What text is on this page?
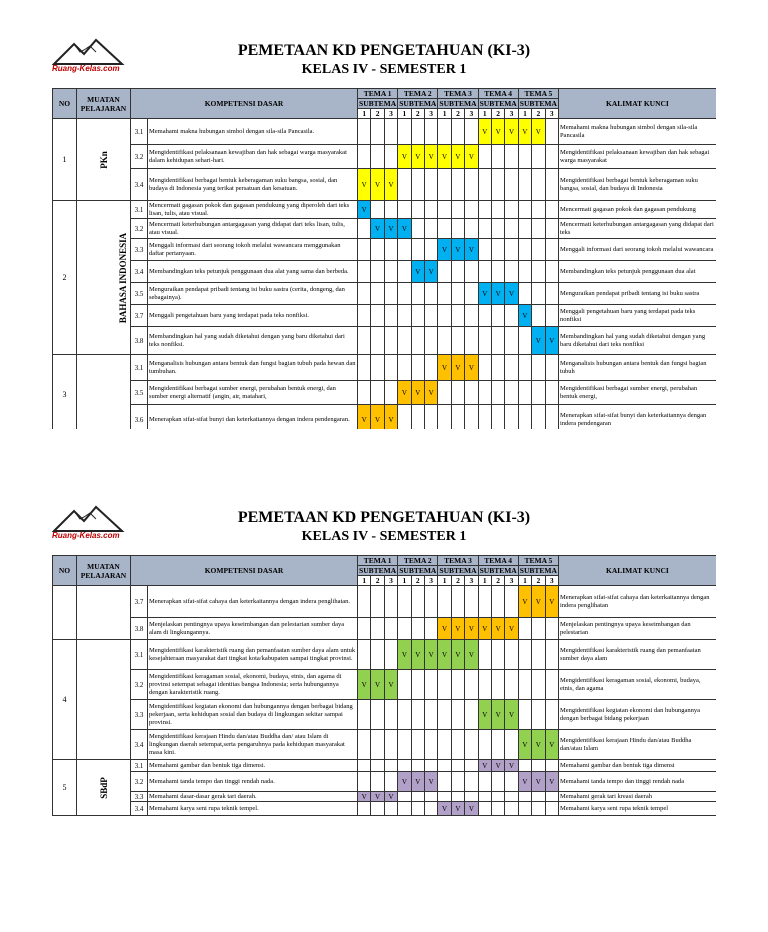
Ruang-Kelas.com
PEMETAAN KD PENGETAHUAN (KI-3)
KELAS IV - SEMESTER 1
NO	MUATAN PELAJARAN	KOMPETENSI DASAR		TEMA 1			TEMA 2			TEMA 3			TEMA 4			TEMA 5			KALIMAT KUNCI
				SUBTEMA			SUBTEMA			SUBTEMA			SUBTEMA			SUBTEMA			
				1	2	3	1	2	3	1	2	3	1	2	3	1	2	3	
1	PKn	3.1	Memahami makna hubungan simbol dengan sila-sila Pancasila.										V	V	V	V	V		Memahami makna hubungan simbol dengan sila-sila Pancasila
		3.2	Mengidentifikasi pelaksanaan kewajiban dan hak sebagai warga masyarakat dalam kehidupan sehari-hari.				V	V	V	V	V	V							Mengidentifikasi pelaksanaan kewajiban dan hak sebagai warga masyarakat
		3.4	Mengidentifikasi berbagai bentuk keberagaman suku bangsa, sosial, dan budaya di Indonesia yang terikat persatuan dan kesatuan.	V	V	V													Mengidentifikasi berbagai bentuk keberagaman suku bangsa, sosial, dan budaya di Indonesia
2	BAHASA INDONESIA	3.1	Mencermati gagasan pokok dan gagasan pendukung yang diperoleh dari teks lisan, tulis, atau visual.	V															Mencermati gagasan pokok dan gagasan pendukung
		3.2	Mencermati keterhubungan antargagasan yang didapat dari teks lisan, tulis, atau visual.		V	V	V												Mencermati keterhubungan antargagasan yang didapat dari teks
		3.3	Menggali informasi dari seorang tokoh melalui wawancara menggunakan daftar pertanyaan.							V	V	V							Menggali informasi dari seorang tokoh melalui wawancara
		3.4	Membandingkan teks petunjuk penggunaan dua alat yang sama dan berbeda.					V	V										Membandingkan teks petunjuk penggunaan dua alat
		3.5	Menguraikan pendapat pribadi tentang isi buku sastra (cerita, dongeng, dan sebagainya).										V	V	V				Menguraikan pendapat pribadi tentang isi buku sastra
		3.7	Menggali pengetahuan baru yang terdapat pada teks nonfiksi.													V			Menggali pengetahuan baru yang terdapat pada teks nonfiksi
		3.8	Membandingkan hal yang sudah diketahui dengan yang baru diketahui dari teks nonfiksi.														V	V	Membandingkan hal yang sudah diketahui dengan yang baru diketahui dari teks nonfiksi
3		3.1	Menganalisis hubungan antara bentuk dan fungsi bagian tubuh pada hewan dan tumbuhan.							V	V	V							Menganalisis hubungan antara bentuk dan fungsi bagian tubuh
		3.5	Mengidentifikasi berbagai sumber energi, perubahan bentuk energi, dan sumber energi alternatif (angin, air, matahari,				V	V	V										Mengidentifikasi berbagai sumber energi, perubahan bentuk energi,
		3.6	Menerapkan sifat-sifat bunyi dan keterkaitannya dengan indera pendengaran.	V	V	V													Menerapkan sifat-sifat bunyi dan keterkaitannya dengan indera pendengaran
Ruang-Kelas.com
PEMETAAN KD PENGETAHUAN (KI-3)
KELAS IV - SEMESTER 1
NO	MUATAN PELAJARAN	KOMPETENSI DASAR		TEMA 1			TEMA 2			TEMA 3			TEMA 4			TEMA 5			KALIMAT KUNCI
				SUBTEMA			SUBTEMA			SUBTEMA			SUBTEMA			SUBTEMA			
				1	2	3	1	2	3	1	2	3	1	2	3	1	2	3	
		3.7	Menerapkan sifat-sifat cahaya dan keterkaitannya dengan indera penglihatan.													V	V	V	Menerapkan sifat-sifat cahaya dan keterkaitannya dengan indera penglihatan
		3.8	Menjelaskan pentingnya upaya keseimbangan dan pelestarian sumber daya alam di lingkungannya.							V	V	V	V	V	V				Menjelaskan pentingnya upaya keseimbangan dan pelestarian
4		3.1	Mengidentifikasi karakteristik ruang dan pemanfaatan sumber daya alam untuk kesejahteraan masyarakat dari tingkat kota/kabupaten sampai tingkat provinsi.				V	V	V	V	V	V							Mengidentifikasi karakteristik ruang dan pemanfaatan sumber daya alam
		3.2	Mengidentifikasi keragaman sosial, ekonomi, budaya, etnis, dan agama di provinsi setempat sebagai identitas bangsa Indonesia; serta hubungannya dengan karakteristik ruang.	V	V	V													Mengidentifikasi keragaman sosial, ekonomi, budaya, etnis, dan agama
		3.3	Mengidentifikasi kegiatan ekonomi dan hubungannya dengan berbagai bidang pekerjaan, serta kehidupan sosial dan budaya di lingkungan sekitar sampai provinsi.										V	V	V				Mengidentifikasi kegiatan ekonomi dan hubungannya dengan berbagai bidang pekerjaan
		3.4	Mengidentifikasi kerajaan Hindu dan/atau Buddha dan/ atau Islam di lingkungan daerah setempat,serta pengaruhnya pada kehidupan masyarakat masa kini.													V	V	V	Mengidentifikasi kerajaan Hindu dan/atau Buddha dan/atau Islam
5	SBdP	3.1	Memahami gambar dan bentuk tiga dimensi.										V	V	V				Memahami gambar dan bentuk tiga dimensi
		3.2	Memahami tanda tempo dan tinggi rendah nada.				V	V	V							V	V	V	Memahami tanda tempo dan tinggi rendah nada
		3.3	Memahami dasar-dasar gerak tari daerah.	V	V	V													Memahami gerak tari kreasi daerah
		3.4	Memahami karya seni rupa teknik tempel.							V	V	V							Memahami karya seni rupa teknik tempel
